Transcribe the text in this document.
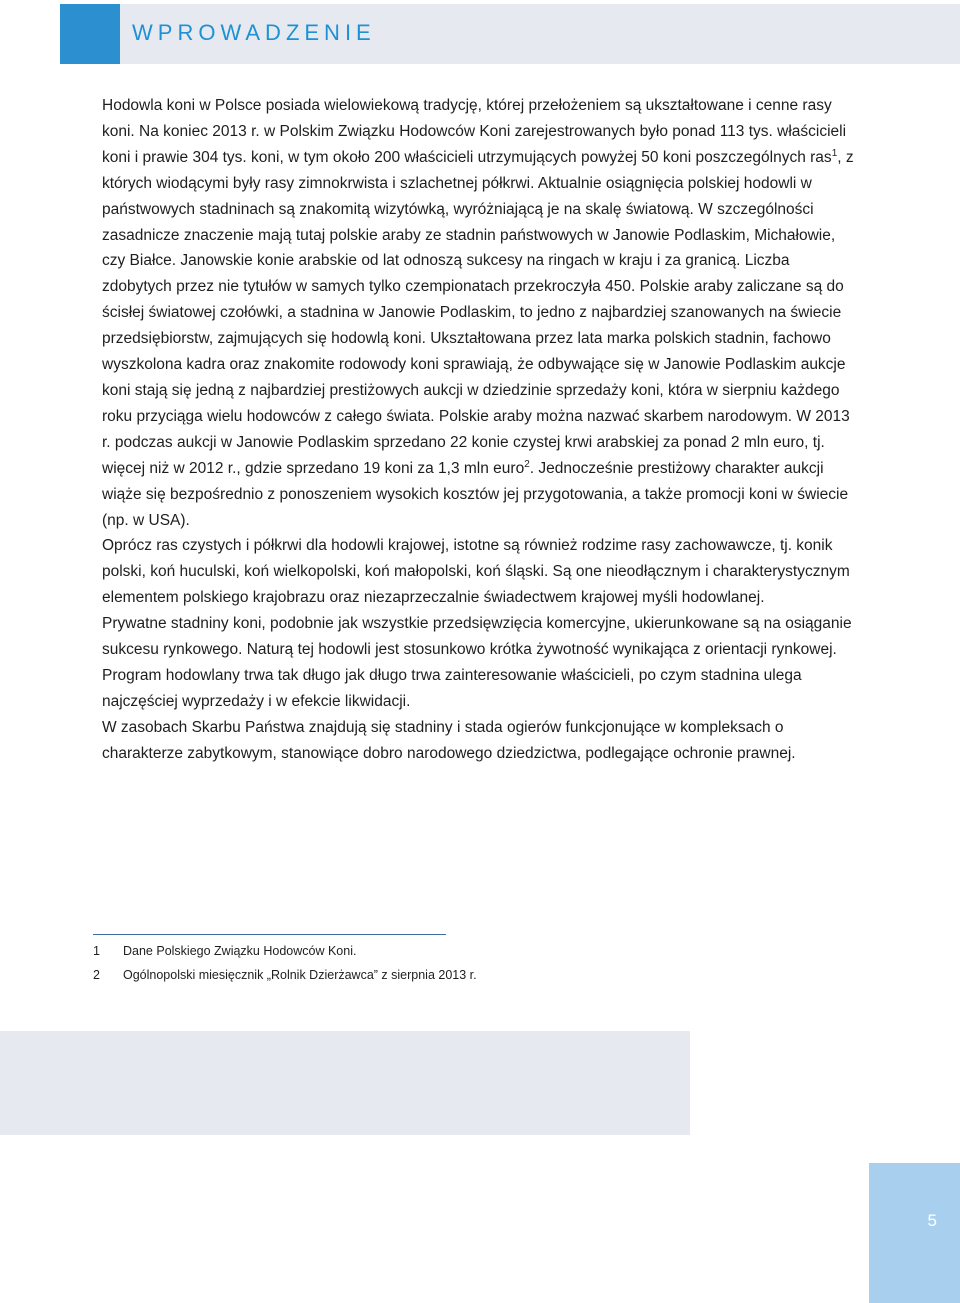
WPROWADZENIE

Hodowla koni w Polsce posiada wielowiekową tradycję, której przełożeniem są ukształtowane i cenne rasy koni. Na koniec 2013 r. w Polskim Związku Hodowców Koni zarejestrowanych było ponad 113 tys. właścicieli koni i prawie 304 tys. koni, w tym około 200 właścicieli utrzymujących powyżej 50 koni poszczególnych ras$^1$, z których wiodącymi były rasy zimnokrwista i szlachetnej półkrwi. Aktualnie osiągnięcia polskiej hodowli w państwowych stadninach są znakomitą wizytówką, wyróżniającą je na skalę światową. W szczególności zasadnicze znaczenie mają tutaj polskie araby ze stadnin państwowych w Janowie Podlaskim, Michałowie, czy Białce. Janowskie konie arabskie od lat odnoszą sukcesy na ringach w kraju i za granicą. Liczba zdobytych przez nie tytułów w samych tylko czempionatach przekroczyła 450. Polskie araby zaliczane są do ścisłej światowej czołówki, a stadnina w Janowie Podlaskim, to jedno z najbardziej szanowanych na świecie przedsiębiorstw, zajmujących się hodowlą koni. Ukształtowana przez lata marka polskich stadnin, fachowo wyszkolona kadra oraz znakomite rodowody koni sprawiają, że odbywające się w Janowie Podlaskim aukcje koni stają się jedną z najbardziej prestiżowych aukcji w dziedzinie sprzedaży koni, która w sierpniu każdego roku przyciąga wielu hodowców z całego świata. Polskie araby można nazwać skarbem narodowym. W 2013 r. podczas aukcji w Janowie Podlaskim sprzedano 22 konie czystej krwi arabskiej za ponad 2 mln euro, tj. więcej niż w 2012 r., gdzie sprzedano 19 koni za 1,3 mln euro$^2$. Jednocześnie prestiżowy charakter aukcji wiąże się bezpośrednio z ponoszeniem wysokich kosztów jej przygotowania, a także promocji koni w świecie (np. w USA).

Oprócz ras czystych i półkrwi dla hodowli krajowej, istotne są również rodzime rasy zachowawcze, tj. konik polski, koń huculski, koń wielkopolski, koń małopolski, koń śląski. Są one nieodłącznym i charakterystycznym elementem polskiego krajobrazu oraz niezaprzeczalnie świadectwem krajowej myśli hodowlanej.

Prywatne stadniny koni, podobnie jak wszystkie przedsięwzięcia komercyjne, ukierunkowane są na osiąganie sukcesu rynkowego. Naturą tej hodowli jest stosunkowo krótka żywotność wynikająca z orientacji rynkowej. Program hodowlany trwa tak długo jak długo trwa zainteresowanie właścicieli, po czym stadnina ulega najczęściej wyprzedaży i w efekcie likwidacji.

W zasobach Skarbu Państwa znajdują się stadniny i stada ogierów funkcjonujące w kompleksach o charakterze zabytkowym, stanowiące dobro narodowego dziedzictwa, podlegające ochronie prawnej.

1	Dane Polskiego Związku Hodowców Koni.
2	Ogólnopolski miesięcznik „Rolnik Dzierżawca” z sierpnia 2013 r.
5
